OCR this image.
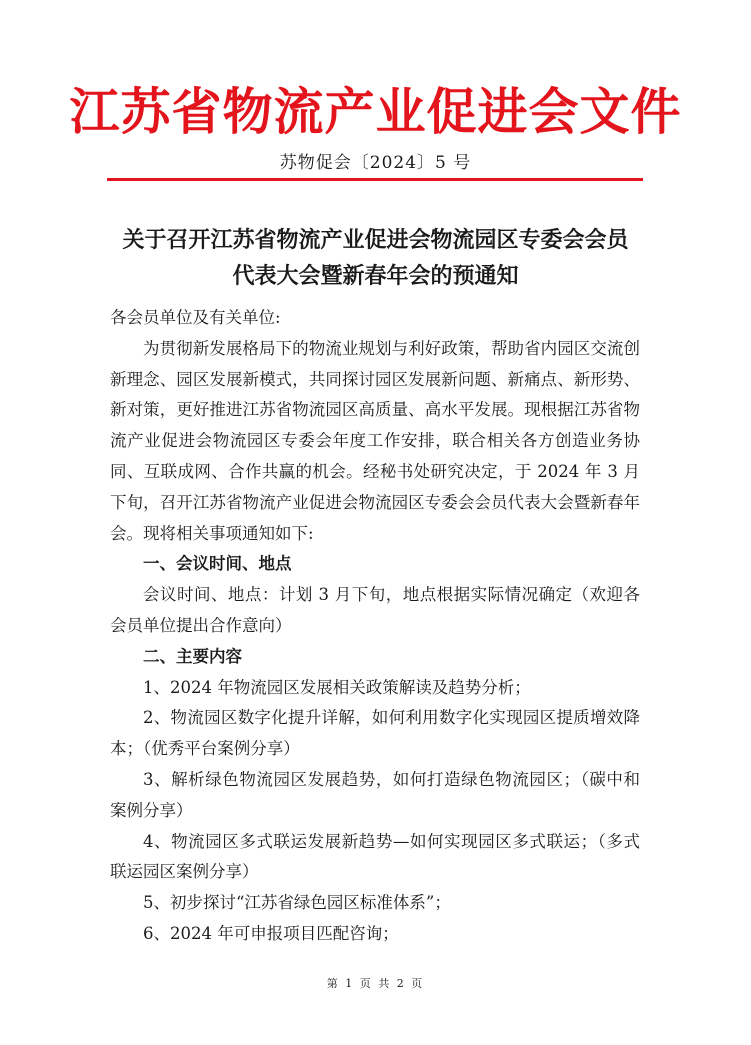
江苏省物流产业促进会文件
苏物促会〔2024〕5 号
关于召开江苏省物流产业促进会物流园区专委会会员
代表大会暨新春年会的预通知

各会员单位及有关单位:

为贯彻新发展格局下的物流业规划与利好政策，帮助省内园区交流创新理念、园区发展新模式，共同探讨园区发展新问题、新痛点、新形势、新对策，更好推进江苏省物流园区高质量、高水平发展。现根据江苏省物流产业促进会物流园区专委会年度工作安排，联合相关各方创造业务协同、互联成网、合作共赢的机会。经秘书处研究决定，于 2024 年 3 月下旬，召开江苏省物流产业促进会物流园区专委会会员代表大会暨新春年会。现将相关事项通知如下:

一、会议时间、地点

会议时间、地点：计划 3 月下旬，地点根据实际情况确定（欢迎各会员单位提出合作意向）

二、主要内容

1、2024 年物流园区发展相关政策解读及趋势分析；

2、物流园区数字化提升详解，如何利用数字化实现园区提质增效降本；（优秀平台案例分享）

3、解析绿色物流园区发展趋势，如何打造绿色物流园区；（碳中和案例分享）

4、物流园区多式联运发展新趋势—如何实现园区多式联运；（多式联运园区案例分享）

5、初步探讨“江苏省绿色园区标准体系”；

6、2024 年可申报项目匹配咨询；

第 1 页 共 2 页
